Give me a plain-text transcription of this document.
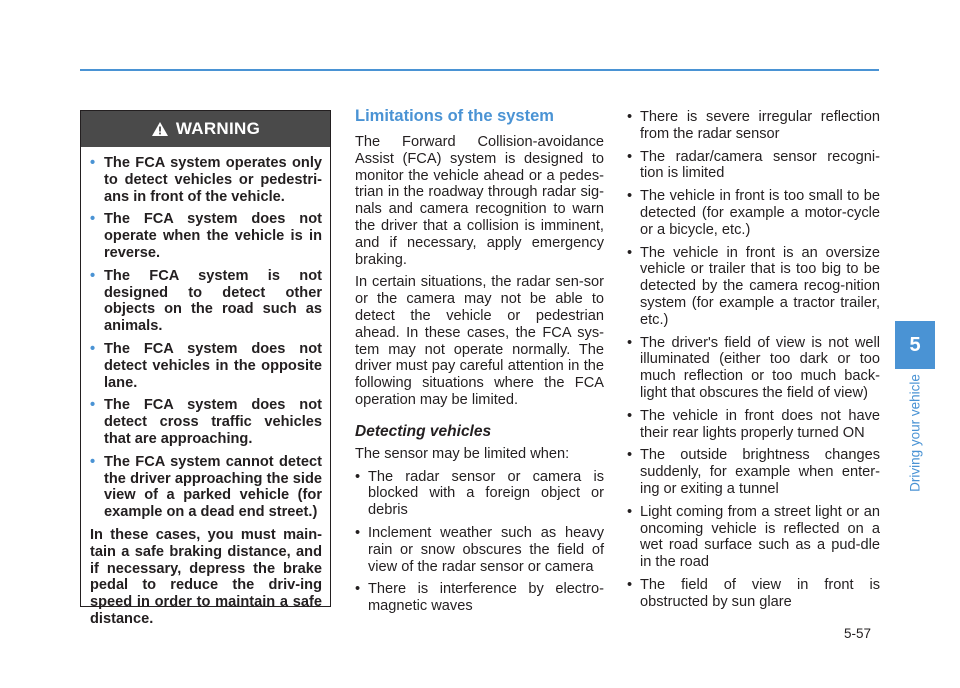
WARNING
• The FCA system operates only to detect vehicles or pedestri-ans in front of the vehicle.
• The FCA system does not operate when the vehicle is in reverse.
• The FCA system is not designed to detect other objects on the road such as animals.
• The FCA system does not detect vehicles in the opposite lane.
• The FCA system does not detect cross traffic vehicles that are approaching.
• The FCA system cannot detect the driver approaching the side view of a parked vehicle (for example on a dead end street.)

In these cases, you must main-tain a safe braking distance, and if necessary, depress the brake pedal to reduce the driv-ing speed in order to maintain a safe distance.

Limitations of the system

The Forward Collision-avoidance Assist (FCA) system is designed to monitor the vehicle ahead or a pedes-trian in the roadway through radar sig-nals and camera recognition to warn the driver that a collision is imminent, and if necessary, apply emergency braking.

In certain situations, the radar sen-sor or the camera may not be able to detect the vehicle or pedestrian ahead. In these cases, the FCA sys-tem may not operate normally. The driver must pay careful attention in the following situations where the FCA operation may be limited.

Detecting vehicles

The sensor may be limited when:

• The radar sensor or camera is blocked with a foreign object or debris
• Inclement weather such as heavy rain or snow obscures the field of view of the radar sensor or camera
• There is interference by electro-magnetic waves
• There is severe irregular reflection from the radar sensor
• The radar/camera sensor recogni-tion is limited
• The vehicle in front is too small to be detected (for example a motor-cycle or a bicycle, etc.)
• The vehicle in front is an oversize vehicle or trailer that is too big to be detected by the camera recog-nition system (for example a tractor trailer, etc.)
• The driver's field of view is not well illuminated (either too dark or too much reflection or too much back-light that obscures the field of view)
• The vehicle in front does not have their rear lights properly turned ON
• The outside brightness changes suddenly, for example when enter-ing or exiting a tunnel
• Light coming from a street light or an oncoming vehicle is reflected on a wet road surface such as a pud-dle in the road
• The field of view in front is obstructed by sun glare
5
Driving your vehicle
5-57
